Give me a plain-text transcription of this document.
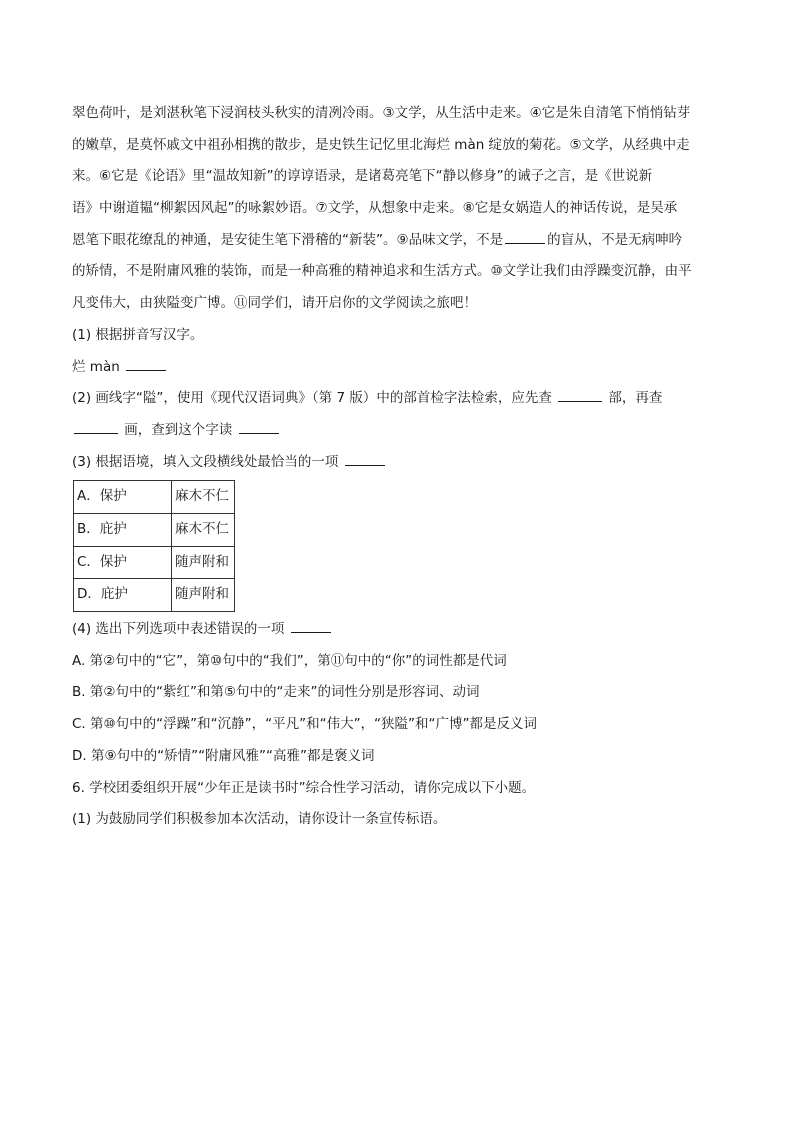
翠色荷叶，是刘湛秋笔下浸润枝头秋实的清冽冷雨。③文学，从生活中走来。④它是朱自清笔下悄悄钻芽
的嫩草，是莫怀戚文中祖孙相携的散步，是史铁生记忆里北海烂 màn 绽放的菊花。⑤文学，从经典中走
来。⑥它是《论语》里“温故知新”的谆谆语录，是诸葛亮笔下“静以修身”的诫子之言，是《世说新
语》中谢道韫“柳絮因风起”的咏絮妙语。⑦文学，从想象中走来。⑧它是女娲造人的神话传说，是吴承
恩笔下眼花缭乱的神通，是安徒生笔下滑稽的“新装”。⑨品味文学，不是	的盲从，不是无病呻吟
的矫情，不是附庸风雅的装饰，而是一种高雅的精神追求和生活方式。⑩文学让我们由浮躁变沉静，由平
凡变伟大，由狭隘变广博。⑪同学们，请开启你的文学阅读之旅吧！
(1) 根据拼音写汉字。
烂 màn
(2) 画线字“隘”，使用《现代汉语词典》（第 7 版）中的部首检字法检索，应先查	部，再查
画，查到这个字读
(3) 根据语境，填入文段横线处最恰当的一项
A．保护	麻木不仁
B．庇护	麻木不仁
C．保护	随声附和
D．庇护	随声附和
(4) 选出下列选项中表述错误的一项
A. 第②句中的“它”，第⑩句中的“我们”，第⑪句中的“你”的词性都是代词
B. 第②句中的“紫红”和第⑤句中的“走来”的词性分别是形容词、动词
C. 第⑩句中的“浮躁”和“沉静”，“平凡”和“伟大”，“狭隘”和“广博”都是反义词
D. 第⑨句中的“矫情”“附庸风雅”“高雅”都是褒义词
6. 学校团委组织开展“少年正是读书时”综合性学习活动，请你完成以下小题。
(1) 为鼓励同学们积极参加本次活动，请你设计一条宣传标语。
